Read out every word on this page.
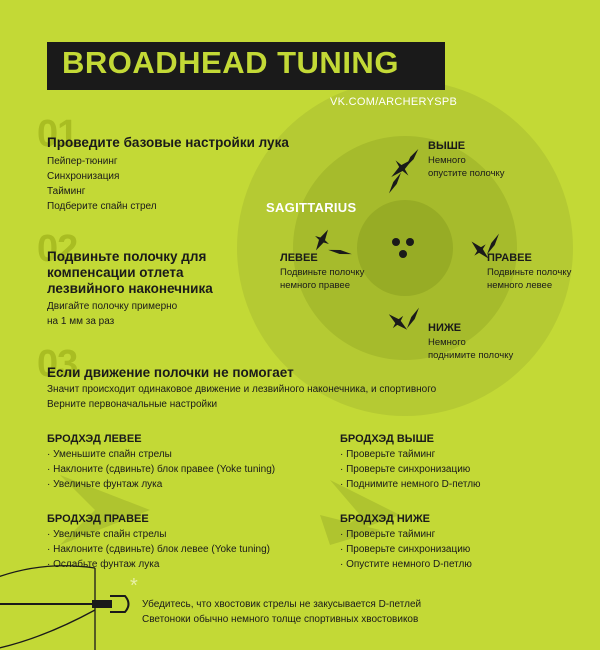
*
BROADHEAD TUNING
VK.COM/ARCHERYSPB
01
Проведите базовые настройки лука
Пейпер-тюнинг
Синхронизация
Тайминг
Подберите спайн стрел
02
Подвиньте полочку для
компенсации отлета
лезвийного наконечника
Двигайте полочку примерно
на 1 мм за раз
03
Если движение полочки не помогает
Значит происходит одинаковое движение и лезвийного наконечника, и спортивного
Верните первоначальные настройки
SAGITTARIUS
ВЫШЕ
Немного
опустите полочку
ЛЕВЕЕ
Подвиньте полочку
немного правее
ПРАВЕЕ
Подвиньте полочку
немного левее
НИЖЕ
Немного
поднимите полочку
БРОДХЭД ЛЕВЕЕ
· Уменьшите спайн стрелы
· Наклоните (сдвиньте) блок правее (Yoke tuning)
· Увеличьте фунтаж лука
БРОДХЭД ВЫШЕ
· Проверьте тайминг
· Проверьте синхронизацию
· Поднимите немного D-петлю
БРОДХЭД ПРАВЕЕ
· Увеличьте спайн стрелы
· Наклоните (сдвиньте) блок левее (Yoke tuning)
· Ослабьте фунтаж лука
БРОДХЭД НИЖЕ
· Проверьте тайминг
· Проверьте синхронизацию
· Опустите немного D-петлю
Убедитесь, что хвостовик стрелы не закусывается D-петлей
Светоноки обычно немного толще спортивных хвостовиков
